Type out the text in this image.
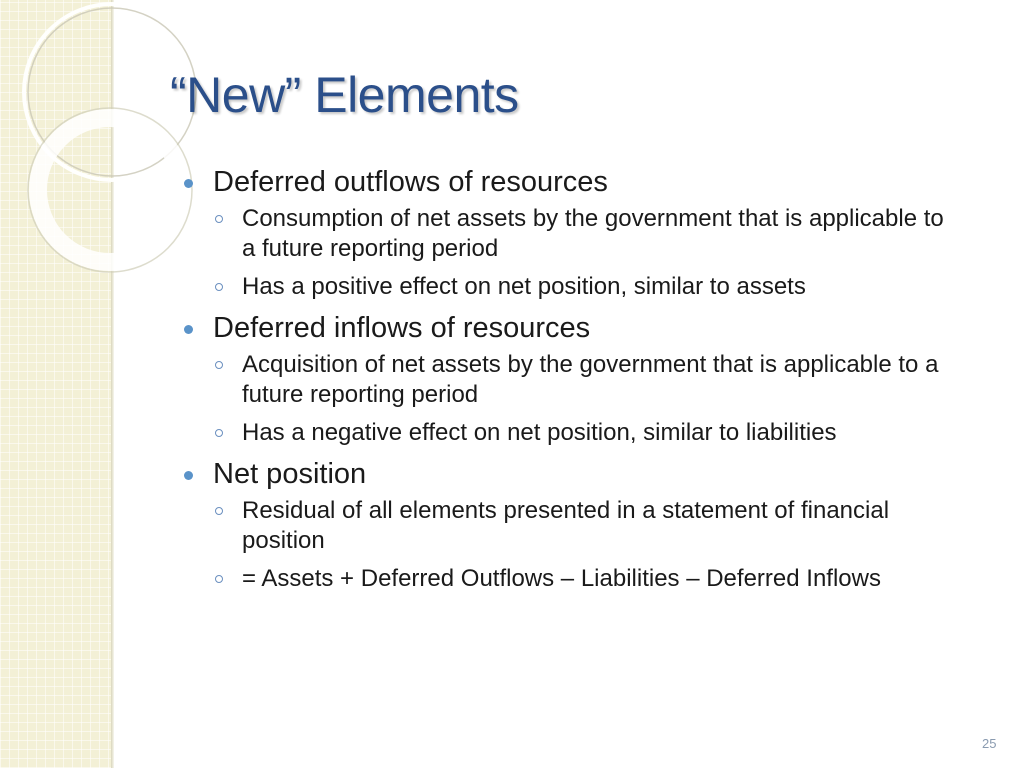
“New” Elements
Deferred outflows of resources
Consumption of net assets by the government that is applicable to a future reporting period
Has a positive effect on net position, similar to assets
Deferred inflows of resources
Acquisition of net assets by the government that is applicable to a future reporting period
Has a negative effect on net position, similar to liabilities
Net position
Residual of all elements presented in a statement of financial position
= Assets + Deferred Outflows – Liabilities – Deferred Inflows
25
